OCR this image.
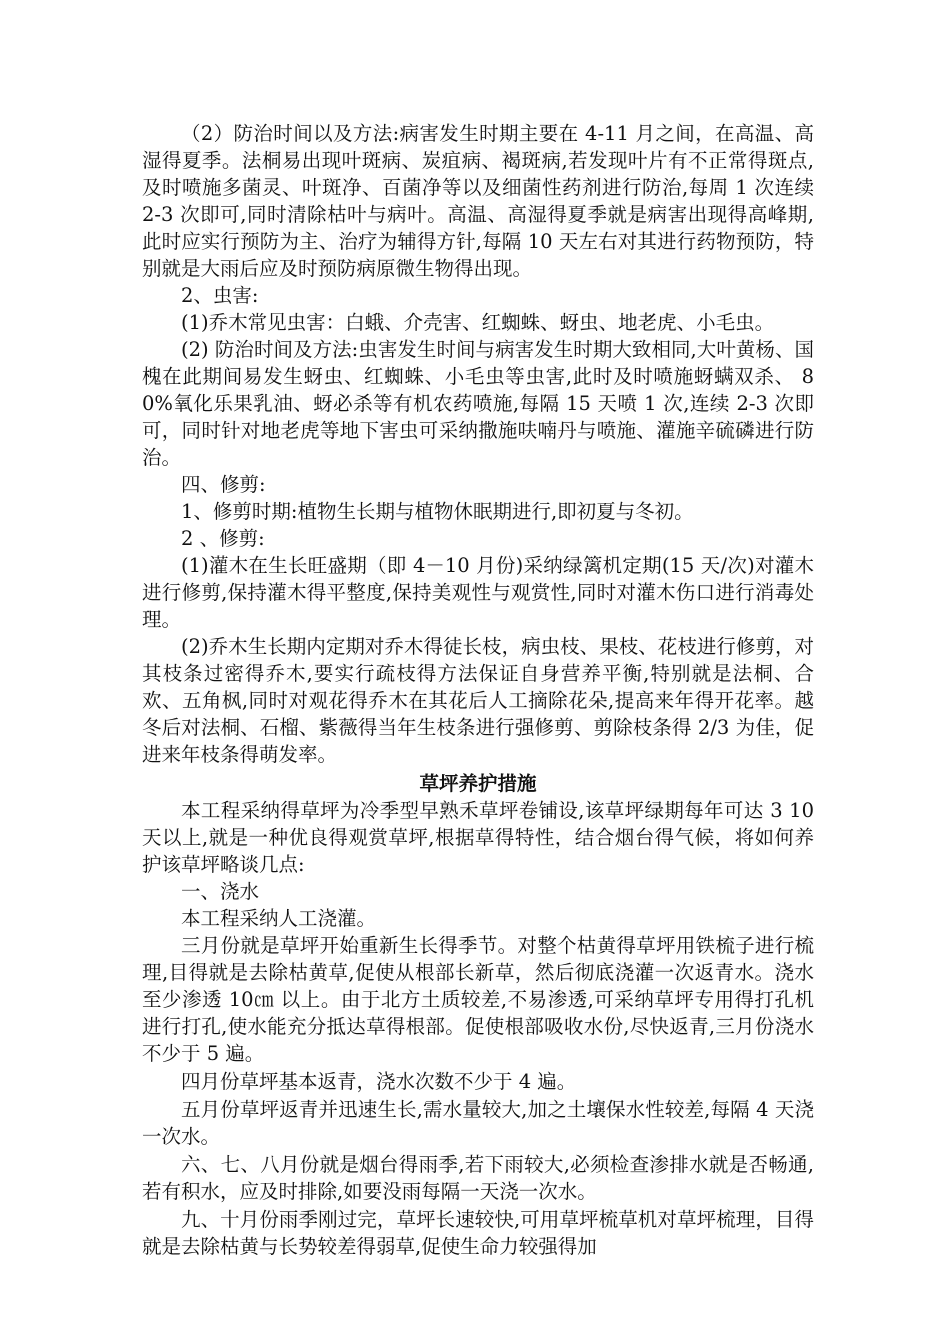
（2）防治时间以及方法:病害发生时期主要在 4-11 月之间，在高温、高湿得夏季。法桐易出现叶斑病、炭疽病、褐斑病,若发现叶片有不正常得斑点,及时喷施多菌灵、叶斑净、百菌净等以及细菌性药剂进行防治,每周 1 次连续 2-3 次即可,同时清除枯叶与病叶。高温、高湿得夏季就是病害出现得高峰期,此时应实行预防为主、治疗为辅得方针,每隔 10 天左右对其进行药物预防，特别就是大雨后应及时预防病原微生物得出现。

2、虫害:

(1)乔木常见虫害：白蛾、介壳害、红蜘蛛、蚜虫、地老虎、小毛虫。

(2) 防治时间及方法:虫害发生时间与病害发生时期大致相同,大叶黄杨、国槐在此期间易发生蚜虫、红蜘蛛、小毛虫等虫害,此时及时喷施蚜螨双杀、 8 0%氧化乐果乳油、蚜必杀等有机农药喷施,每隔 15 天喷 1 次,连续 2-3 次即可，同时针对地老虎等地下害虫可采纳撒施呋喃丹与喷施、灌施辛硫磷进行防治。

四、修剪:

1、修剪时期:植物生长期与植物休眠期进行,即初夏与冬初。

2 、修剪:

(1)灌木在生长旺盛期（即 4－10 月份)采纳绿篱机定期(15 天/次)对灌木进行修剪,保持灌木得平整度,保持美观性与观赏性,同时对灌木伤口进行消毒处理。

(2)乔木生长期内定期对乔木得徒长枝，病虫枝、果枝、花枝进行修剪，对其枝条过密得乔木,要实行疏枝得方法保证自身营养平衡,特别就是法桐、合欢、五角枫,同时对观花得乔木在其花后人工摘除花朵,提高来年得开花率。越冬后对法桐、石榴、紫薇得当年生枝条进行强修剪、剪除枝条得 2/3 为佳，促进来年枝条得萌发率。

草坪养护措施

本工程采纳得草坪为冷季型早熟禾草坪卷铺设,该草坪绿期每年可达 3 10 天以上,就是一种优良得观赏草坪,根据草得特性，结合烟台得气候，将如何养护该草坪略谈几点:

一、浇水

本工程采纳人工浇灌。

三月份就是草坪开始重新生长得季节。对整个枯黄得草坪用铁梳子进行梳理,目得就是去除枯黄草,促使从根部长新草，然后彻底浇灌一次返青水。浇水至少渗透 10㎝ 以上。由于北方土质较差,不易渗透,可采纳草坪专用得打孔机进行打孔,使水能充分抵达草得根部。促使根部吸收水份,尽快返青,三月份浇水不少于 5 遍。

四月份草坪基本返青，浇水次数不少于 4 遍。

五月份草坪返青并迅速生长,需水量较大,加之土壤保水性较差,每隔 4 天浇一次水。

六、七、八月份就是烟台得雨季,若下雨较大,必须检查渗排水就是否畅通,若有积水，应及时排除,如要没雨每隔一天浇一次水。

九、十月份雨季刚过完，草坪长速较快,可用草坪梳草机对草坪梳理，目得就是去除枯黄与长势较差得弱草,促使生命力较强得加
